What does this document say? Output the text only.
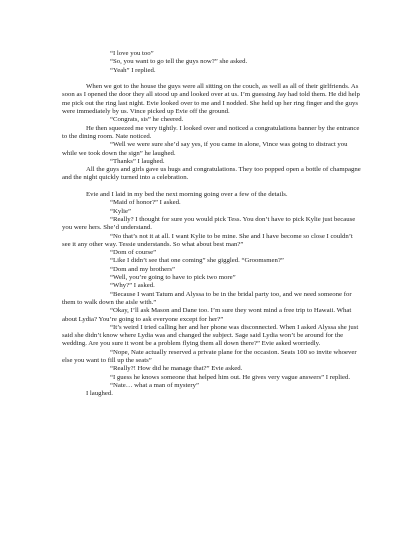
“I love you too”

“So, you want to go tell the guys now?” she asked.

“Yeah” I replied.

When we got to the house the guys were all sitting on the couch, as well as all of their girlfriends. As soon as I opened the door they all stood up and looked over at us. I’m guessing Jay had told them. He did help me pick out the ring last night. Evie looked over to me and I nodded. She held up her ring finger and the guys were immediately by us. Vince picked up Evie off the ground.

“Congrats, sis” he cheered.

He then squeezed me very tightly. I looked over and noticed a congratulations banner by the entrance to the dining room. Nate noticed.

“Well we were sure she’d say yes, if you came in alone, Vince was going to distract you while we took down the sign” he laughed.

“Thanks” I laughed.

All the guys and girls gave us hugs and congratulations. They too popped open a bottle of champagne and the night quickly turned into a celebration.

Evie and I laid in my bed the next morning going over a few of the details.

“Maid of honor?” I asked.

“Kylie”

“Really? I thought for sure you would pick Tess. You don’t have to pick Kylie just because you were hers. She’d understand.

“No that’s not it at all. I want Kylie to be mine. She and I have become so close I couldn’t see it any other way. Tessie understands. So what about best man?”

“Dom of course”

“Like I didn’t see that one coming” she giggled. “Groomsmen?”

“Dom and my brothers”

“Well, you’re going to have to pick two more”

“Why?” I asked.

“Because I want Tatum and Alyssa to be in the bridal party too, and we need someone for them to walk down the aisle with.”

“Okay, I’ll ask Mason and Dane too. I’m sure they wont mind a free trip to Hawaii. What about Lydia? You’re going to ask everyone except for her?”

“It’s weird I tried calling her and her phone was disconnected. When I asked Alyssa she just said she didn’t know where Lydia was and changed the subject. Sage said Lydia won’t be around for the wedding. Are you sure it wont be a problem flying them all down there?” Evie asked worriedly.

“Nope, Nate actually reserved a private plane for the occasion. Seats 100 so invite whoever else you want to fill up the seats”

“Really?! How did he manage that?” Evie asked.

“I guess he knows someone that helped him out. He gives very vague answers” I replied.

“Nate… what a man of mystery”

I laughed.
